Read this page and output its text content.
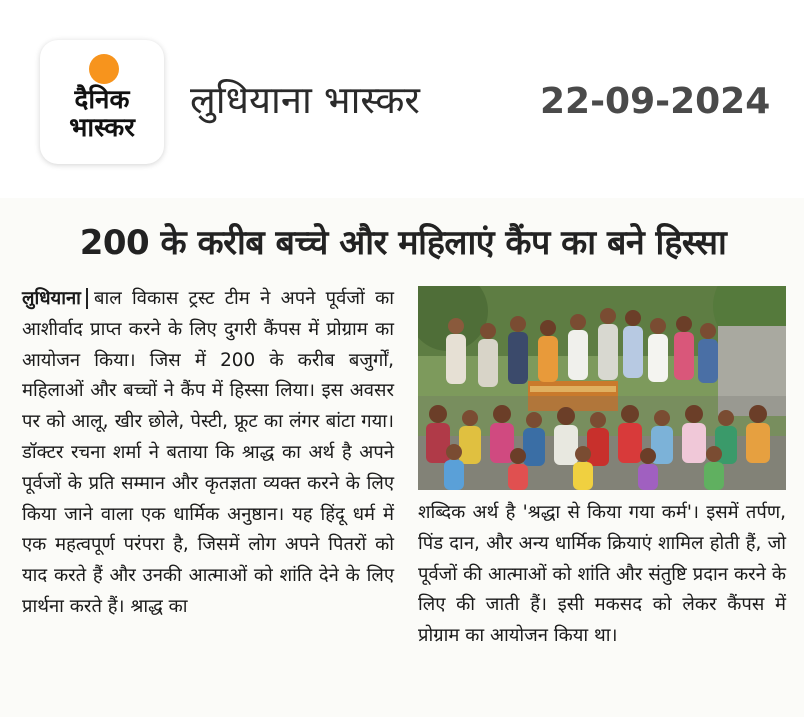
दैनिक
भास्कर
लुधियाना भास्कर	22-09-2024
200 के करीब बच्चे और महिलाएं कैंप का बने हिस्सा
लुधियाना बाल विकास ट्रस्ट टीम ने अपने पूर्वजों का आशीर्वाद प्राप्त करने के लिए दुगरी कैंपस में प्रोग्राम का आयोजन किया। जिस में 200 के करीब बजुर्गों, महिलाओं और बच्चों ने कैंप में हिस्सा लिया। इस अवसर पर को आलू, खीर छोले, पेस्टी, फ्रूट का लंगर बांटा गया। डॉक्टर रचना शर्मा ने बताया कि श्राद्ध का अर्थ है अपने पूर्वजों के प्रति सम्मान और कृतज्ञता व्यक्त करने के लिए किया जाने वाला एक धार्मिक अनुष्ठान। यह हिंदू धर्म में एक महत्वपूर्ण परंपरा है, जिसमें लोग अपने पितरों को याद करते हैं और उनकी आत्माओं को शांति देने के लिए प्रार्थना करते हैं। श्राद्ध का
शब्दिक अर्थ है 'श्रद्धा से किया गया कर्म'। इसमें तर्पण, पिंड दान, और अन्य धार्मिक क्रियाएं शामिल होती हैं, जो पूर्वजों की आत्माओं को शांति और संतुष्टि प्रदान करने के लिए की जाती हैं। इसी मकसद को लेकर कैंपस में प्रोग्राम का आयोजन किया था।
